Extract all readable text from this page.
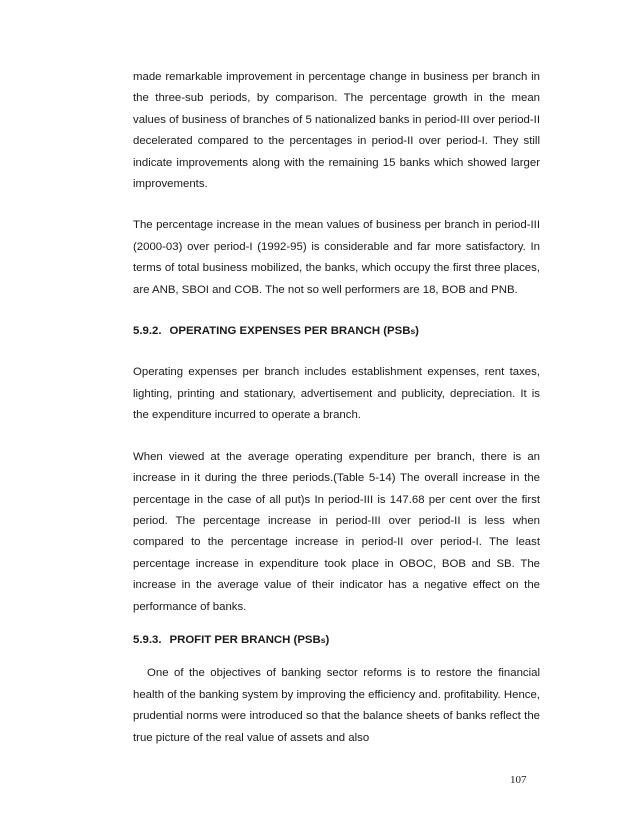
made remarkable improvement in percentage change in business per branch in the three-sub periods, by comparison. The percentage growth in the mean values of business of branches of 5 nationalized banks in period-III over period-II decelerated compared to the percentages in period-II over period-I. They still indicate improvements along with the remaining 15 banks which showed larger improvements.

The percentage increase in the mean values of business per branch in period-III (2000-03) over period-I (1992-95) is considerable and far more satisfactory. In terms of total business mobilized, the banks, which occupy the first three places, are ANB, SBOI and COB. The not so well performers are 18, BOB and PNB.

5.9.2. OPERATING EXPENSES PER BRANCH (PSBs)

Operating expenses per branch includes establishment expenses, rent taxes, lighting, printing and stationary, advertisement and publicity, depreciation. It is the expenditure incurred to operate a branch.

When viewed at the average operating expenditure per branch, there is an increase in it during the three periods.(Table 5-14) The overall increase in the percentage in the case of all put)s In period-III is 147.68 per cent over the first period. The percentage increase in period-III over period-II is less when compared to the percentage increase in period-II over period-I. The least percentage increase in expenditure took place in OBOC, BOB and SB. The increase in the average value of their indicator has a negative effect on the performance of banks.

5.9.3. PROFIT PER BRANCH (PSBs)

One of the objectives of banking sector reforms is to restore the financial health of the banking system by improving the efficiency and. profitability. Hence, prudential norms were introduced so that the balance sheets of banks reflect the true picture of the real value of assets and also

107
